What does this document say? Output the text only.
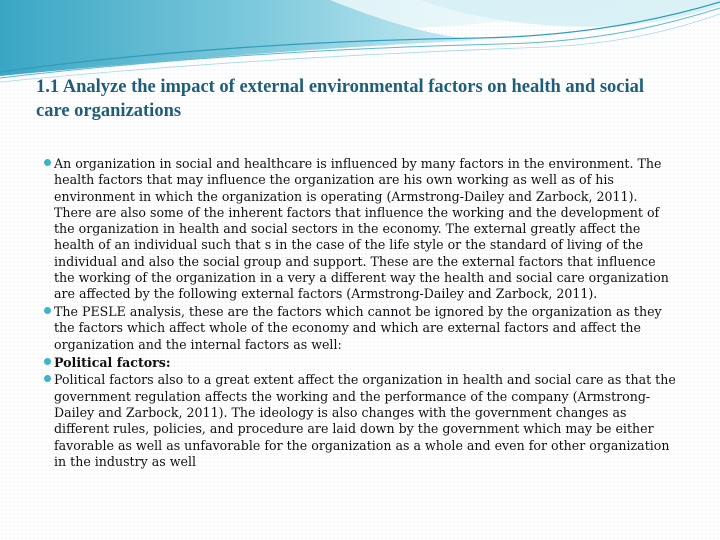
1.1 Analyze the impact of external environmental factors on health and social care organizations
An organization in social and healthcare is influenced by many factors in the environment. The health factors that may influence the organization are his own working as well as of his environment in which the organization is operating (Armstrong-Dailey and Zarbock, 2011). There are also some of the inherent factors that influence the working and the development of the organization in health and social sectors in the economy. The external greatly affect the health of an individual such that s in the case of the life style or the standard of living of the individual and also the social group and support. These are the external factors that influence the working of the organization in a very a different way the health and social care organization are affected by the following external factors (Armstrong-Dailey and Zarbock, 2011).
The PESLE analysis, these are the factors which cannot be ignored by the organization as they the factors which affect whole of the economy and which are external factors and affect the organization and the internal factors as well:
Political factors:
Political factors also to a great extent affect the organization in health and social care as that the government regulation affects the working and the performance of the company (Armstrong-Dailey and Zarbock, 2011). The ideology is also changes with the government changes as different rules, policies, and procedure are laid down by the government which may be either favorable as well as unfavorable for the organization as a whole and even for other organization in the industry as well
